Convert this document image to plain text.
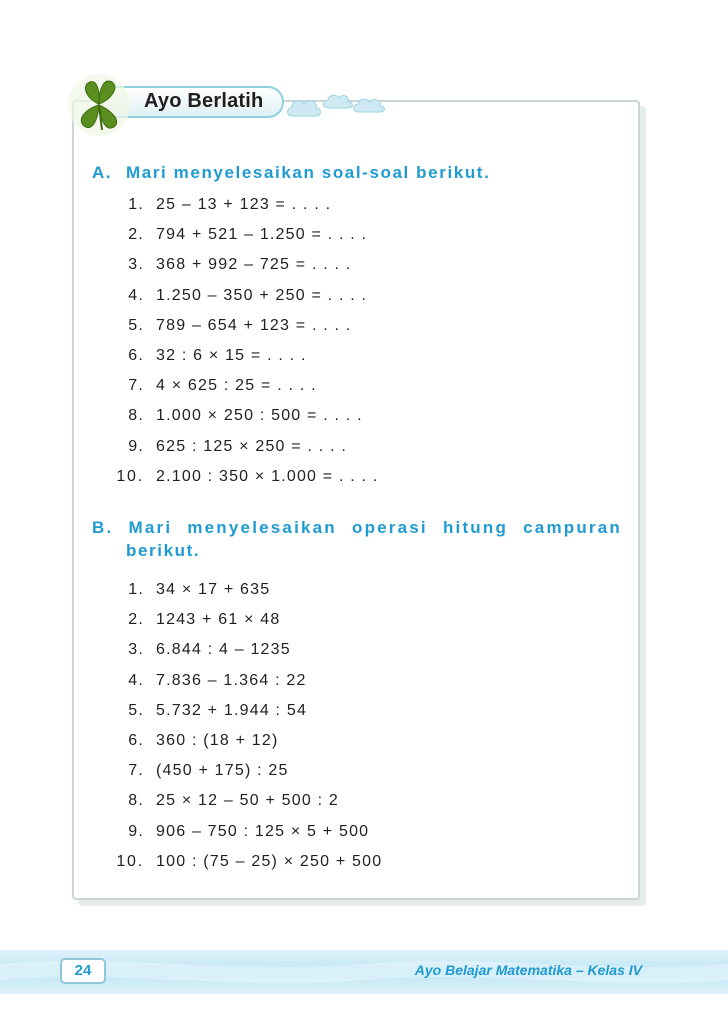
Ayo Berlatih
A. Mari menyelesaikan soal-soal berikut.
1. 25 – 13 + 123 = . . . .
2. 794 + 521 – 1.250 = . . . .
3. 368 + 992 – 725 = . . . .
4. 1.250 – 350 + 250 = . . . .
5. 789 – 654 + 123 = . . . .
6. 32 : 6 × 15 = . . . .
7. 4 × 625 : 25 = . . . .
8. 1.000 × 250 : 500 = . . . .
9. 625 : 125 × 250 = . . . .
10. 2.100 : 350 × 1.000 = . . . .
B. Mari menyelesaikan operasi hitung campuran
berikut.
1. 34 × 17 + 635
2. 1243 + 61 × 48
3. 6.844 : 4 – 1235
4. 7.836 – 1.364 : 22
5. 5.732 + 1.944 : 54
6. 360 : (18 + 12)
7. (450 + 175) : 25
8. 25 × 12 – 50 + 500 : 2
9. 906 – 750 : 125 × 5 + 500
10. 100 : (75 – 25) × 250 + 500
24	Ayo Belajar Matematika – Kelas IV
